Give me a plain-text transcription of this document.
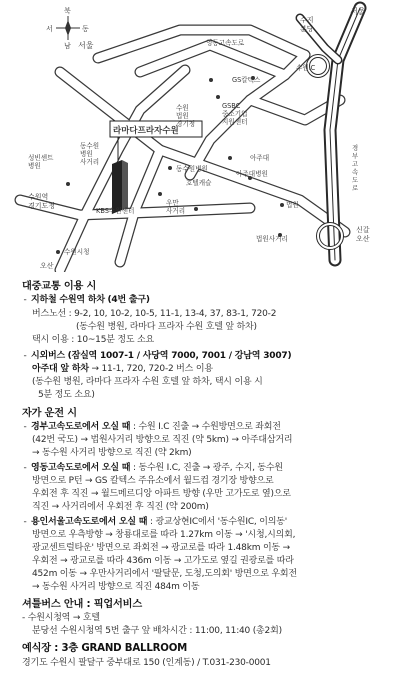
북
서	동
남
서울
서울
수지 분당
영동고속도로
수원IC
GS칼텍스
GSBC 중소기업 지원센터
수원 법원 경기청
라마다프라자수원
동수원 병원 사거리
동수원병원
성빈센트 병원
아주대
아주대병원
호텔캐슬
KBS수원센터
우만 사거리
법원
수원역 경기도청
수원시청
오산
법원사거리
경 부 고 속 도 로
신갈 오산
대중교통 이용 시
- 지하철 수원역 하차 (4번 출구)
버스노선 : 9-2, 10, 10-2, 10-5, 11-1, 13-4, 37, 83-1, 720-2
(동수원 병원, 라마다 프라자 수원 호텔 앞 하차)
택시 이용 : 10~15분 정도 소요
- 시외버스 (잠실역 1007-1 / 사당역 7000, 7001 / 강남역 3007)
아주대 앞 하차 → 11-1, 720, 720-2 버스 이용
(동수원 병원, 라마다 프라자 수원 호텔 앞 하차, 택시 이용 시
5분 정도 소요)
자가 운전 시
- 경부고속도로에서 오실 때 : 수원 I.C 진출 → 수원방면으로 좌회전
(42번 국도) → 법원사거리 방향으로 직진 (약 5km) → 아주대삼거리
→ 동수원 사거리 방향으로 직진 (약 2km)
- 영동고속도로에서 오실 때 : 동수원 I.C, 진출 → 광주, 수지, 동수원
방면으로 P턴 → GS 칼텍스 주유소에서 월드컵 경기장 방향으로
우회전 후 직진 → 월드메르디앙 아파트 방향 (우만 고가도로 옆)으로
직진 → 사거리에서 우회전 후 직진 (약 200m)
- 용인서울고속도로에서 오실 때 : 광교상현IC에서 '동수원IC, 이의동'
방면으로 우측방향 → 창룡대로를 따라 1.27km 이동 → '시청,시의회,
광교센트럴타운' 방면으로 좌회전 → 광교로를 따라 1.48km 이동 →
우회전 → 광교로를 따라 436m 이동 → 고가도로 옆길 권광로를 따라
452m 이동 → 우만사거리에서 '팔달문, 도청,도의회' 방면으로 우회전
→ 동수원 사거리 방향으로 직진 484m 이동
셔틀버스 안내 : 픽업서비스
- 수원시청역 → 호텔
분당선 수원시청역 5번 출구 앞 배차시간 : 11:00, 11:40 (총2회)
예식장 : 3층 GRAND BALLROOM
경기도 수원시 팔달구 중부대로 150 (인계동) / T.031-230-0001
